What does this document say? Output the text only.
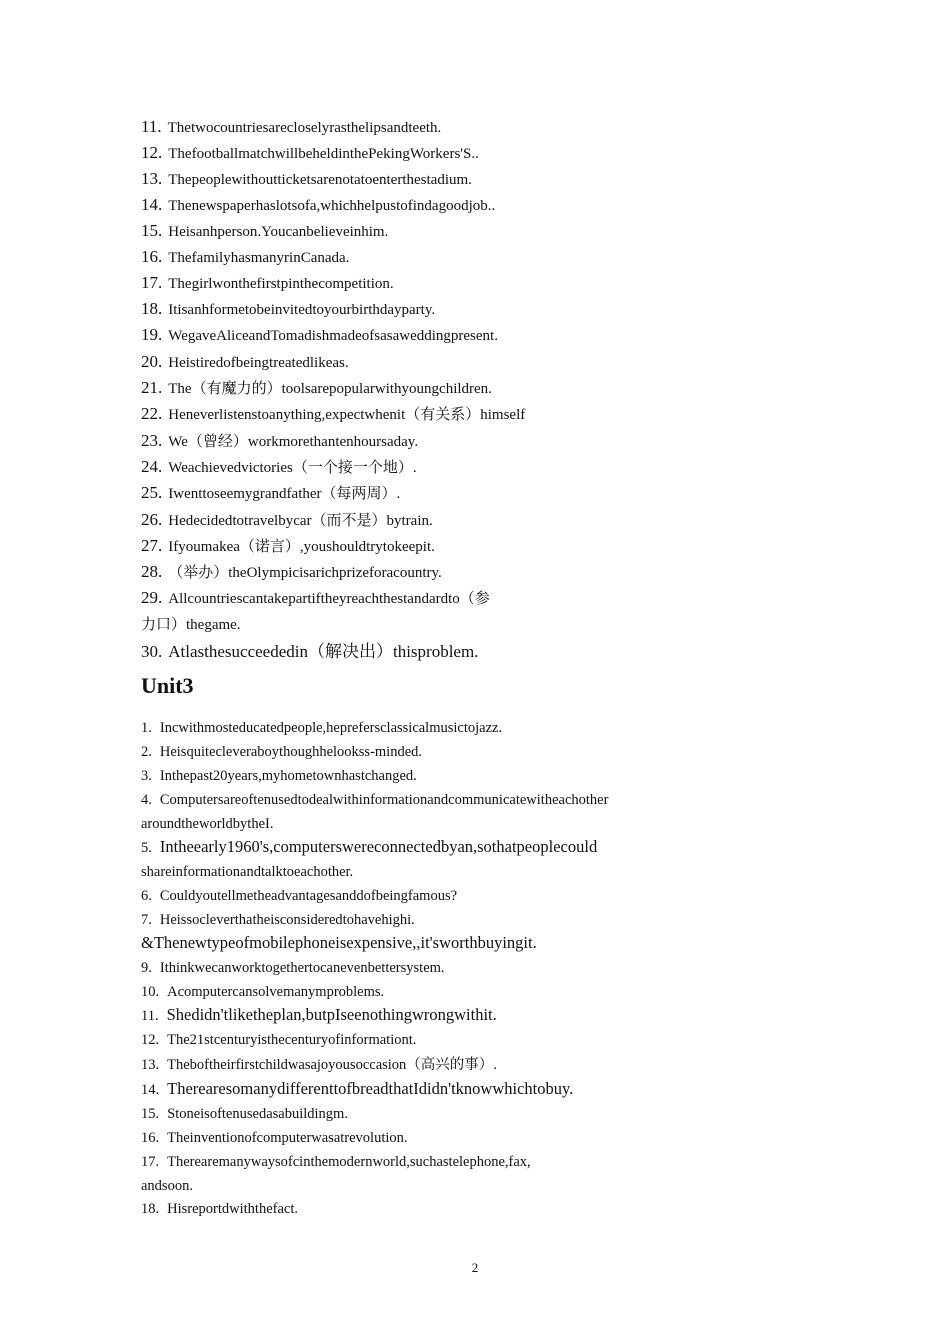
11. Thetwocountriesarecloselyrasthelipsandteeth.
12. ThefootballmatchwillbeheldinthePekingWorkers'S..
13. Thepeoplewithoutticketsarenotatoenterthestadium.
14. Thenewspaperhaslotsofa,whichhelpustofindagoodjob..
15. Heisanhperson.Youcanbelieveinhim.
16. ThefamilyhasmanyrinCanada.
17. Thegirlwonthefirstpinthecompetition.
18. Itisanhformetobeinvitedtoyourbirthdayparty.
19. WegaveAliceandTomadishmadeofsasaweddingpresent.
20. Heistiredofbeingtreatedlikeas.
21. The（有魔力的）toolsarepopularwithyoungchildren.
22. Heneverlistenstoanything,expectwhenit（有关系）himself
23. We（曾经）workmorethantenhoursaday.
24. Weachievedvictories（一个接一个地）.
25. Iwenttoseemygrandfather（每两周）.
26. Hedecidedtotravelbycar（而不是）bytrain.
27. Ifyoumakea（诺言）,youshouldtrytokeepit.
28. （举办）theOlympicisarichprizeforacountry.
29. Allcountriescantakepartiftheyreachthestandardto（参
力口）thegame.
30. Atlasthesucceededin（解决出）thisproblem.
Unit3
1. Incwithmosteducatedpeople,heprefersclassicalmusictojazz.
2. Heisquitecleveraboythoughhelookss-minded.
3. Inthepast20years,myhometownhastchanged.
4. Computersareoftenusedtodealwithinformationandcommunicatewitheachother
aroundtheworldbytheI.
5. Intheearly1960's,computerswereconnectedbyan,sothatpeoplecould
shareinformationandtalktoeachother.
6. Couldyoutellmetheadvantagesanddofbeingfamous?
7. Heissocleverthatheisconsideredtohavehighi.
&Thenewtypeofmobilephoneisexpensive,,it'sworthbuyingit.
9. Ithinkwecanworktogethertocanevenbettersystem.
10. Acomputercansolvemanymproblems.
11. Shedidn'tliketheplan,butpIseenothingwrongwithit.
12. The21stcenturyisthecenturyofinformationt.
13. Theboftheirfirstchildwasajoyousoccasion（高兴的事）.
14. TherearesomanydifferenttofbreadthatIdidn'tknowwhichtobuy.
15. Stoneisoftenusedasabuildingm.
16. Theinventionofcomputerwasatrevolution.
17. Therearemanywaysofcinthemodernworld,suchastelephone,fax,
andsoon.
18. Hisreportdwiththefact.
2
